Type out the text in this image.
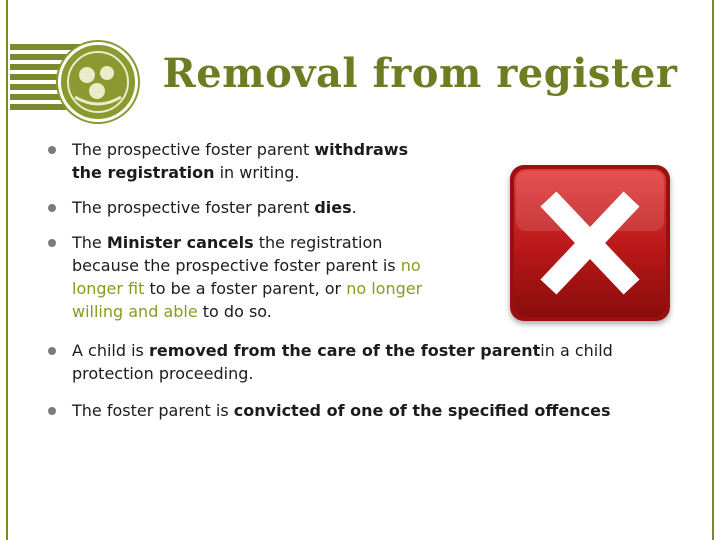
Removal from register
The prospective foster parent withdraws the registration in writing.
The prospective foster parent dies.
The Minister cancels the registration because the prospective foster parent is no longer fit to be a foster parent, or no longer willing and able to do so.
A child is removed from the care of the foster parentin a child protection proceeding.
The foster parent is convicted of one of the specified offences
